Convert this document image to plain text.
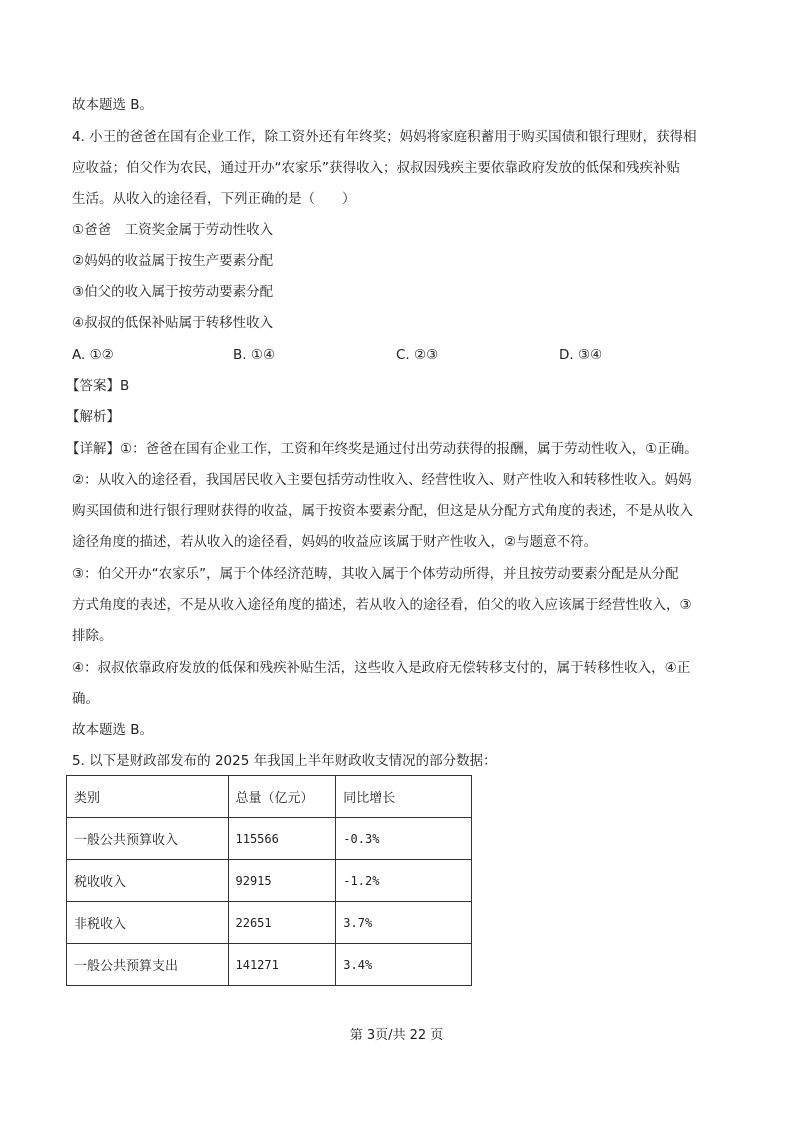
故本题选 B。
4. 小王的爸爸在国有企业工作，除工资外还有年终奖；妈妈将家庭积蓄用于购买国债和银行理财，获得相
应收益；伯父作为农民，通过开办“农家乐”获得收入；叔叔因残疾主要依靠政府发放的低保和残疾补贴
生活。从收入的途径看，下列正确的是（　　）
①爸爸　工资奖金属于劳动性收入
②妈妈的收益属于按生产要素分配
③伯父的收入属于按劳动要素分配
④叔叔的低保补贴属于转移性收入
A. ①②	B. ①④	C. ②③	D. ③④
【答案】B
【解析】
【详解】①：爸爸在国有企业工作，工资和年终奖是通过付出劳动获得的报酬，属于劳动性收入，①正确。
②：从收入的途径看，我国居民收入主要包括劳动性收入、经营性收入、财产性收入和转移性收入。妈妈
购买国债和进行银行理财获得的收益，属于按资本要素分配，但这是从分配方式角度的表述，不是从收入
途径角度的描述，若从收入的途径看，妈妈的收益应该属于财产性收入，②与题意不符。
③：伯父开办“农家乐”，属于个体经济范畴，其收入属于个体劳动所得，并且按劳动要素分配是从分配
方式角度的表述，不是从收入途径角度的描述，若从收入的途径看，伯父的收入应该属于经营性收入，③
排除。
④：叔叔依靠政府发放的低保和残疾补贴生活，这些收入是政府无偿转移支付的，属于转移性收入，④正
确。
故本题选 B。
5. 以下是财政部发布的 2025 年我国上半年财政收支情况的部分数据：
类别	总量（亿元）	同比增长
一般公共预算收入	115566	-0.3%
税收收入	92915	-1.2%
非税收入	22651	3.7%
一般公共预算支出	141271	3.4%
第 3页/共 22 页
